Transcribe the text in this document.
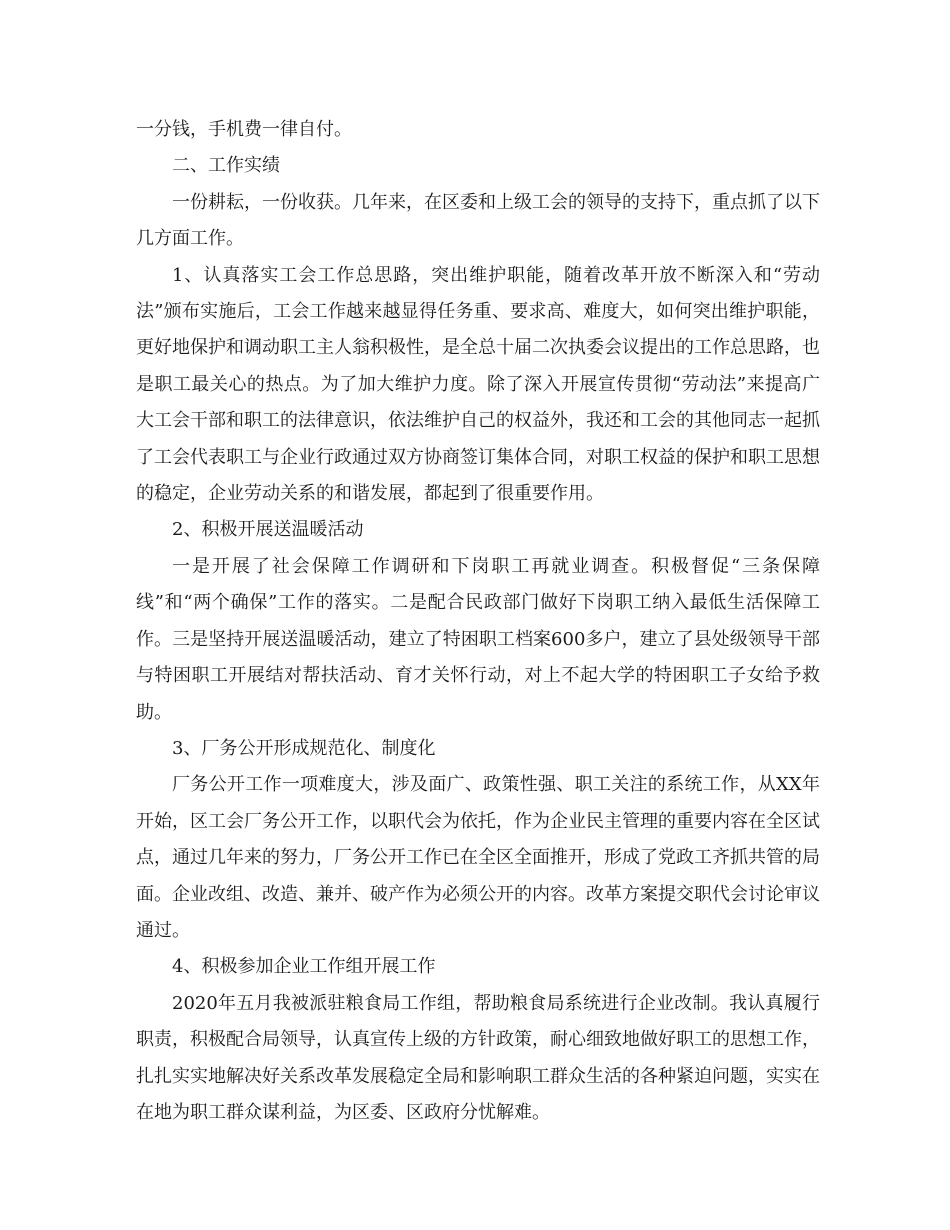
一分钱，手机费一律自付。

二、工作实绩

一份耕耘，一份收获。几年来，在区委和上级工会的领导的支持下，重点抓了以下几方面工作。

1、认真落实工会工作总思路，突出维护职能，随着改革开放不断深入和“劳动法”颁布实施后，工会工作越来越显得任务重、要求高、难度大，如何突出维护职能，更好地保护和调动职工主人翁积极性，是全总十届二次执委会议提出的工作总思路，也是职工最关心的热点。为了加大维护力度。除了深入开展宣传贯彻“劳动法”来提高广大工会干部和职工的法律意识，依法维护自己的权益外，我还和工会的其他同志一起抓了工会代表职工与企业行政通过双方协商签订集体合同，对职工权益的保护和职工思想的稳定，企业劳动关系的和谐发展，都起到了很重要作用。

2、积极开展送温暖活动

一是开展了社会保障工作调研和下岗职工再就业调查。积极督促“三条保障线”和“两个确保”工作的落实。二是配合民政部门做好下岗职工纳入最低生活保障工作。三是坚持开展送温暖活动，建立了特困职工档案600多户，建立了县处级领导干部与特困职工开展结对帮扶活动、育才关怀行动，对上不起大学的特困职工子女给予救助。

3、厂务公开形成规范化、制度化

厂务公开工作一项难度大，涉及面广、政策性强、职工关注的系统工作，从XX年开始，区工会厂务公开工作，以职代会为依托，作为企业民主管理的重要内容在全区试点，通过几年来的努力，厂务公开工作已在全区全面推开，形成了党政工齐抓共管的局面。企业改组、改造、兼并、破产作为必须公开的内容。改革方案提交职代会讨论审议通过。

4、积极参加企业工作组开展工作

2020年五月我被派驻粮食局工作组，帮助粮食局系统进行企业改制。我认真履行职责，积极配合局领导，认真宣传上级的方针政策，耐心细致地做好职工的思想工作，扎扎实实地解决好关系改革发展稳定全局和影响职工群众生活的各种紧迫问题，实实在在地为职工群众谋利益，为区委、区政府分忧解难。
